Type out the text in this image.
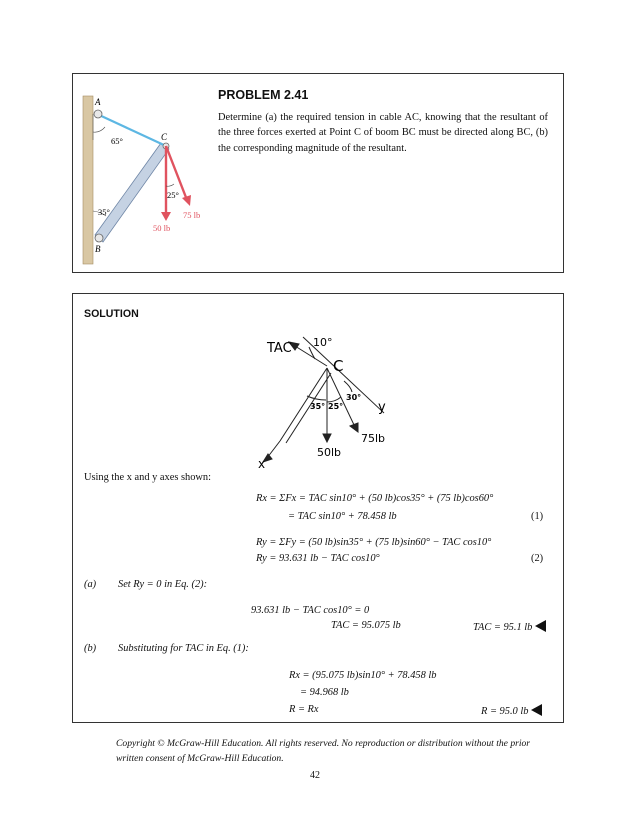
A
C
B
65°
35°
25°
75 lb
50 lb
PROBLEM 2.41
Determine (a) the required tension in cable AC, knowing that the resultant of the three forces exerted at Point C of boom BC must be directed along BC, (b) the corresponding magnitude of the resultant.
SOLUTION
TAC 10°
C
30°
35° 25°	y
x
50lb
75lb
Using the x and y axes shown:
Rx = ΣFx = TAC sin10° + (50 lb)cos35° + (75 lb)cos60°
= TAC sin10° + 78.458 lb	(1)
Ry = ΣFy = (50 lb)sin35° + (75 lb)sin60° − TAC cos10°
Ry = 93.631 lb − TAC cos10°	(2)
(a) Set Ry = 0 in Eq. (2):
93.631 lb − TAC cos10° = 0
TAC = 95.075 lb	TAC = 95.1 lb
(b) Substituting for TAC in Eq. (1):
Rx = (95.075 lb)sin10° + 78.458 lb
= 94.968 lb
R = Rx	R = 95.0 lb
Copyright © McGraw-Hill Education. All rights reserved. No reproduction or distribution without the prior written consent of McGraw-Hill Education.
42
